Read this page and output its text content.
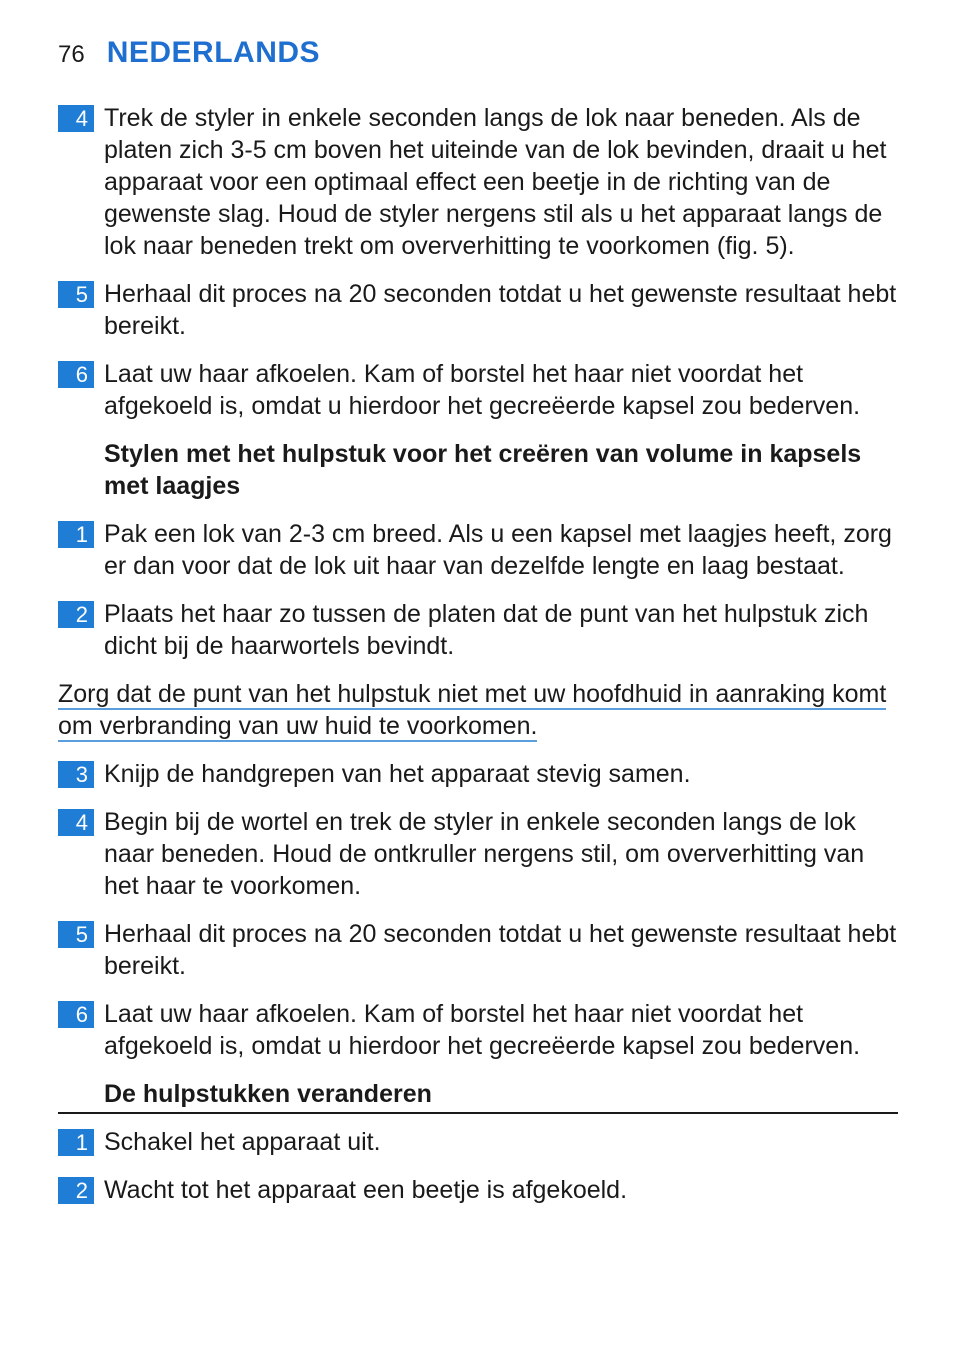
76 NEDERLANDS
4 Trek de styler in enkele seconden langs de lok naar beneden. Als de platen zich 3-5 cm boven het uiteinde van de lok bevinden, draait u het apparaat voor een optimaal effect een beetje in de richting van de gewenste slag. Houd de styler nergens stil als u het apparaat langs de lok naar beneden trekt om oververhitting te voorkomen (fig. 5).
5 Herhaal dit proces na 20 seconden totdat u het gewenste resultaat hebt bereikt.
6 Laat uw haar afkoelen. Kam of borstel het haar niet voordat het afgekoeld is, omdat u hierdoor het gecreëerde kapsel zou bederven.
Stylen met het hulpstuk voor het creëren van volume in kapsels met laagjes
1 Pak een lok van 2-3 cm breed. Als u een kapsel met laagjes heeft, zorg er dan voor dat de lok uit haar van dezelfde lengte en laag bestaat.
2 Plaats het haar zo tussen de platen dat de punt van het hulpstuk zich dicht bij de haarwortels bevindt.
Zorg dat de punt van het hulpstuk niet met uw hoofdhuid in aanraking komt om verbranding van uw huid te voorkomen.
3 Knijp de handgrepen van het apparaat stevig samen.
4 Begin bij de wortel en trek de styler in enkele seconden langs de lok naar beneden. Houd de ontkruller nergens stil, om oververhitting van het haar te voorkomen.
5 Herhaal dit proces na 20 seconden totdat u het gewenste resultaat hebt bereikt.
6 Laat uw haar afkoelen. Kam of borstel het haar niet voordat het afgekoeld is, omdat u hierdoor het gecreëerde kapsel zou bederven.
De hulpstukken veranderen
1 Schakel het apparaat uit.
2 Wacht tot het apparaat een beetje is afgekoeld.
